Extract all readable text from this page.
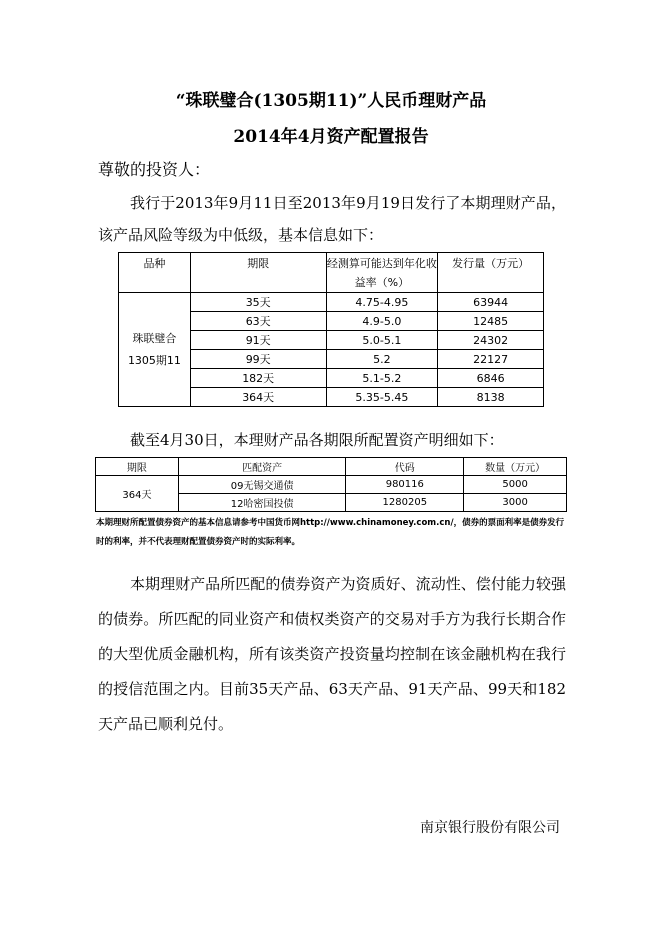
“珠联璧合(1305期11)”人民币理财产品
2014年4月资产配置报告
尊敬的投资人：
我行于2013年9月11日至2013年9月19日发行了本期理财产品，该产品风险等级为中低级，基本信息如下：
品种	期限	经测算可能达到年化收益率（%）	发行量（万元）
珠联璧合1305期11	35天	4.75-4.95	63944
	63天	4.9-5.0	12485
	91天	5.0-5.1	24302
	99天	5.2	22127
	182天	5.1-5.2	6846
	364天	5.35-5.45	8138
截至4月30日，本理财产品各期限所配置资产明细如下：
期限	匹配资产	代码	数量（万元）
364天	09无锡交通债	980116	5000
	12哈密国投债	1280205	3000
本期理财所配置债券资产的基本信息请参考中国货币网http://www.chinamoney.com.cn/，债券的票面利率是债券发行时的利率，并不代表理财配置债券资产时的实际利率。
本期理财产品所匹配的债券资产为资质好、流动性、偿付能力较强的债券。所匹配的同业资产和债权类资产的交易对手方为我行长期合作的大型优质金融机构，所有该类资产投资量均控制在该金融机构在我行的授信范围之内。目前35天产品、63天产品、91天产品、99天和182天产品已顺利兑付。
南京银行股份有限公司
